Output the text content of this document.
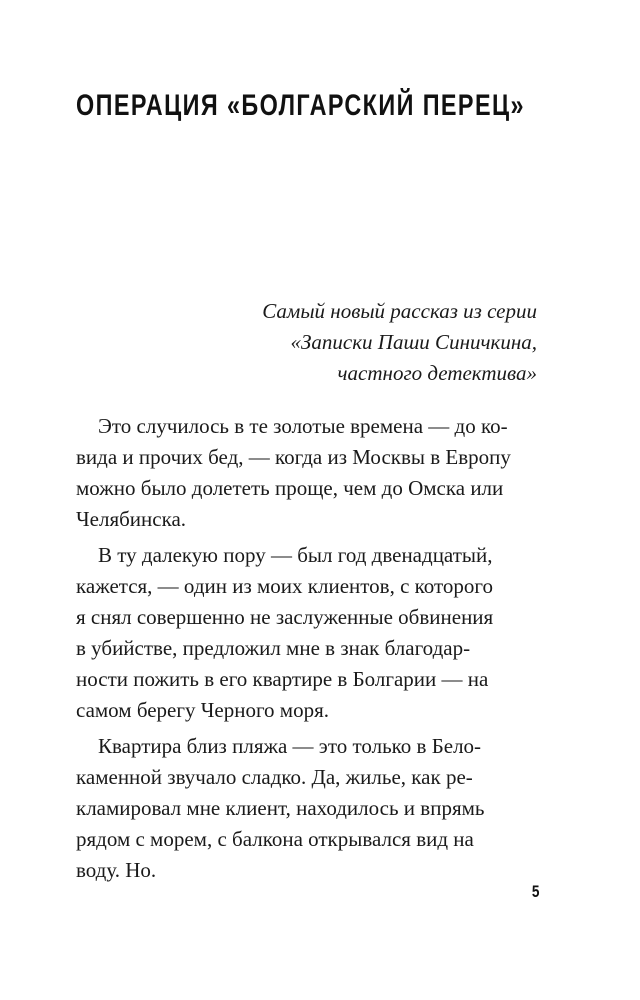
ОПЕРАЦИЯ «БОЛГАРСКИЙ ПЕРЕЦ»
Самый новый рассказ из серии
«Записки Паши Синичкина,
частного детектива»

Это случилось в те золотые времена — до ко-
вида и прочих бед, — когда из Москвы в Европу
можно было долететь проще, чем до Омска или
Челябинска.

В ту далекую пору — был год двенадцатый,
кажется, — один из моих клиентов, с которого
я снял совершенно не заслуженные обвинения
в убийстве, предложил мне в знак благодар-
ности пожить в его квартире в Болгарии — на
самом берегу Черного моря.

Квартира близ пляжа — это только в Бело-
каменной звучало сладко. Да, жилье, как ре-
кламировал мне клиент, находилось и впрямь
рядом с морем, с балкона открывался вид на
воду. Но.

5
